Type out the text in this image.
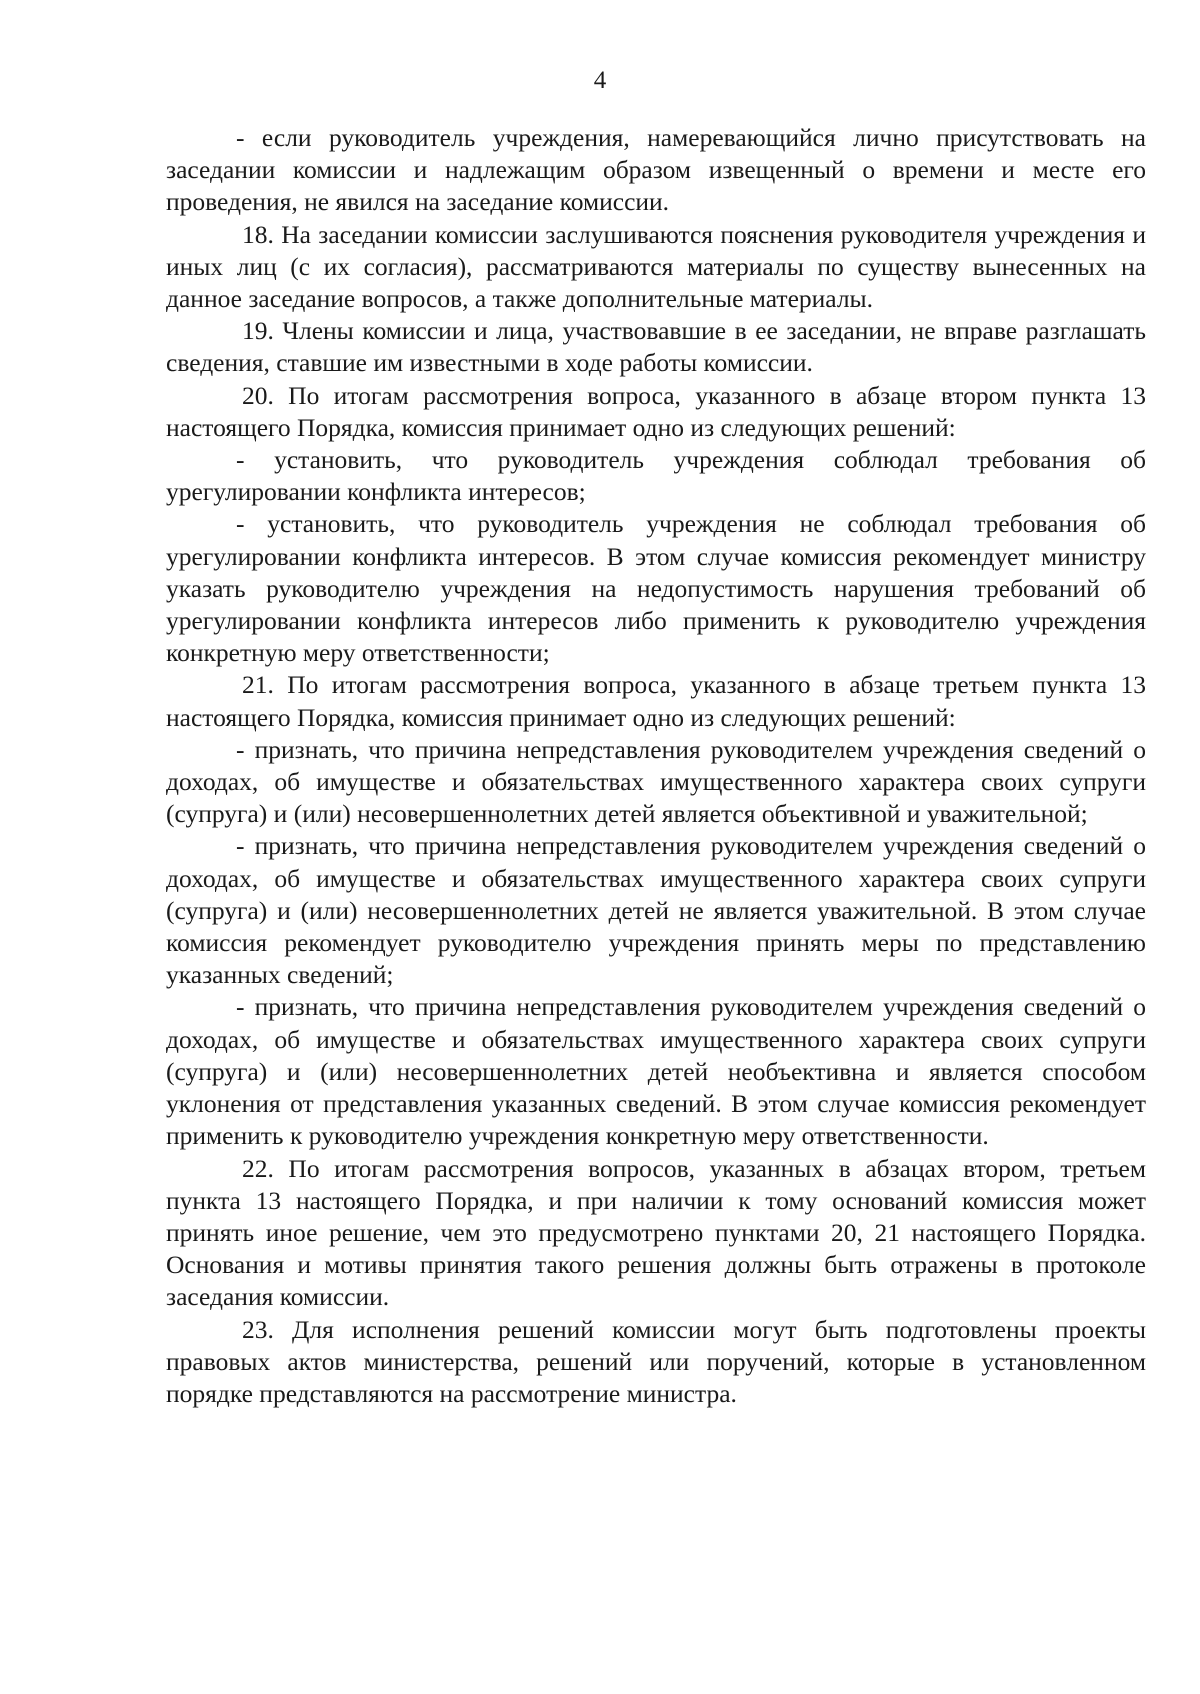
4

- если руководитель учреждения, намеревающийся лично присутствовать на заседании комиссии и надлежащим образом извещенный о времени и месте его проведения, не явился на заседание комиссии.

18. На заседании комиссии заслушиваются пояснения руководителя учреждения и иных лиц (с их согласия), рассматриваются материалы по существу вынесенных на данное заседание вопросов, а также дополнительные материалы.

19. Члены комиссии и лица, участвовавшие в ее заседании, не вправе разглашать сведения, ставшие им известными в ходе работы комиссии.

20. По итогам рассмотрения вопроса, указанного в абзаце втором пункта 13 настоящего Порядка, комиссия принимает одно из следующих решений:

- установить, что руководитель учреждения соблюдал требования об урегулировании конфликта интересов;

- установить, что руководитель учреждения не соблюдал требования об урегулировании конфликта интересов. В этом случае комиссия рекомендует министру указать руководителю учреждения на недопустимость нарушения требований об урегулировании конфликта интересов либо применить к руководителю учреждения конкретную меру ответственности;

21. По итогам рассмотрения вопроса, указанного в абзаце третьем пункта 13 настоящего Порядка, комиссия принимает одно из следующих решений:

- признать, что причина непредставления руководителем учреждения сведений о доходах, об имуществе и обязательствах имущественного характера своих супруги (супруга) и (или) несовершеннолетних детей является объективной и уважительной;

- признать, что причина непредставления руководителем учреждения сведений о доходах, об имуществе и обязательствах имущественного характера своих супруги (супруга) и (или) несовершеннолетних детей не является уважительной. В этом случае комиссия рекомендует руководителю учреждения принять меры по представлению указанных сведений;

- признать, что причина непредставления руководителем учреждения сведений о доходах, об имуществе и обязательствах имущественного характера своих супруги (супруга) и (или) несовершеннолетних детей необъективна и является способом уклонения от представления указанных сведений. В этом случае комиссия рекомендует применить к руководителю учреждения конкретную меру ответственности.

22. По итогам рассмотрения вопросов, указанных в абзацах втором, третьем пункта 13 настоящего Порядка, и при наличии к тому оснований комиссия может принять иное решение, чем это предусмотрено пунктами 20, 21 настоящего Порядка. Основания и мотивы принятия такого решения должны быть отражены в протоколе заседания комиссии.

23. Для исполнения решений комиссии могут быть подготовлены проекты правовых актов министерства, решений или поручений, которые в установленном порядке представляются на рассмотрение министра.
